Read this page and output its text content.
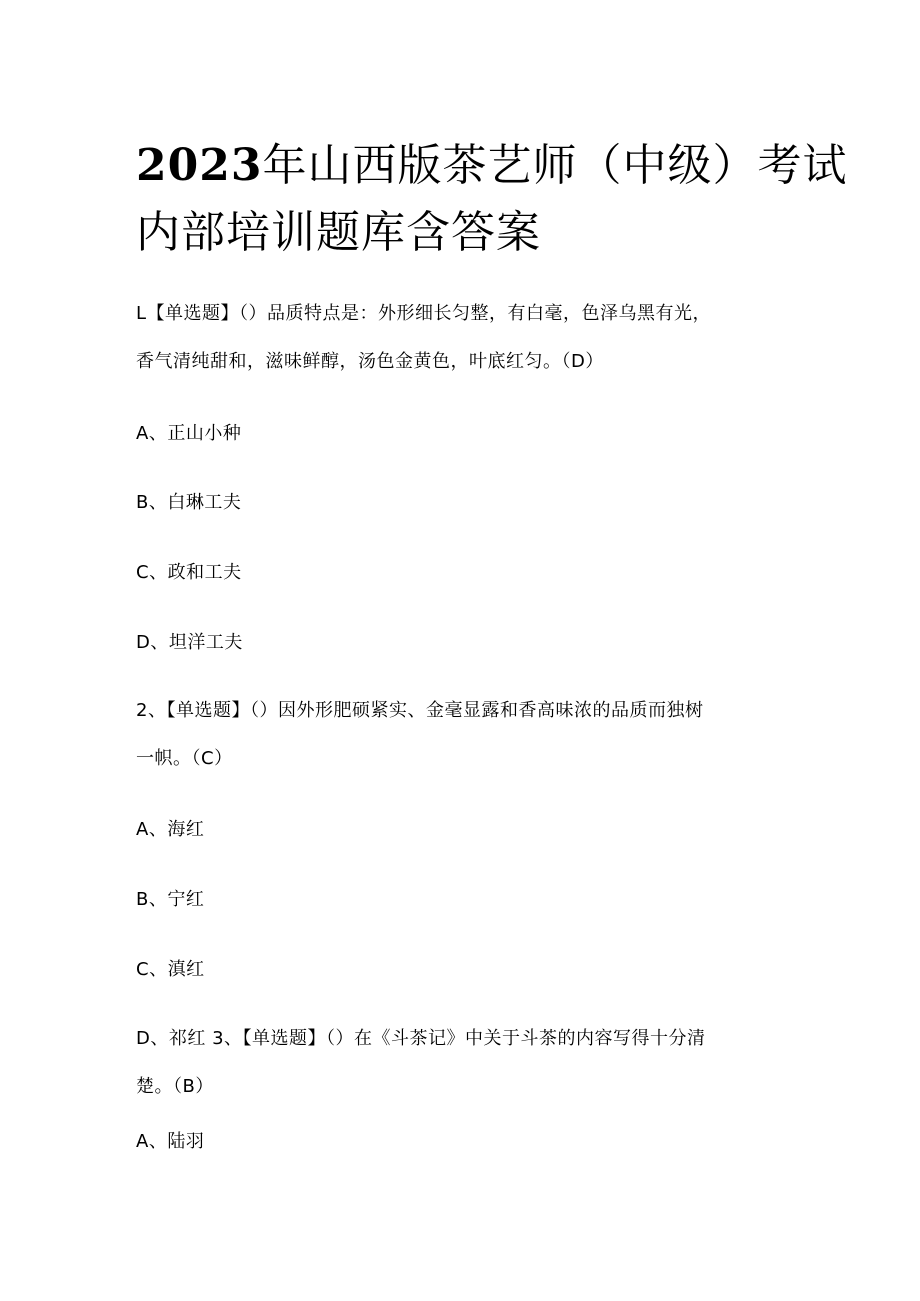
2023年山西版茶艺师（中级）考试
内部培训题库含答案
L【单选题】（）品质特点是：外形细长匀整，有白毫，色泽乌黑有光，
香气清纯甜和，滋味鲜醇，汤色金黄色，叶底红匀。（D）
A、正山小种
B、白琳工夫
C、政和工夫
D、坦洋工夫
2、【单选题】（）因外形肥硕紧实、金毫显露和香高味浓的品质而独树
一帜。（C）
A、海红
B、宁红
C、滇红
D、祁红 3、【单选题】（）在《斗茶记》中关于斗茶的内容写得十分清
楚。（B）
A、陆羽
